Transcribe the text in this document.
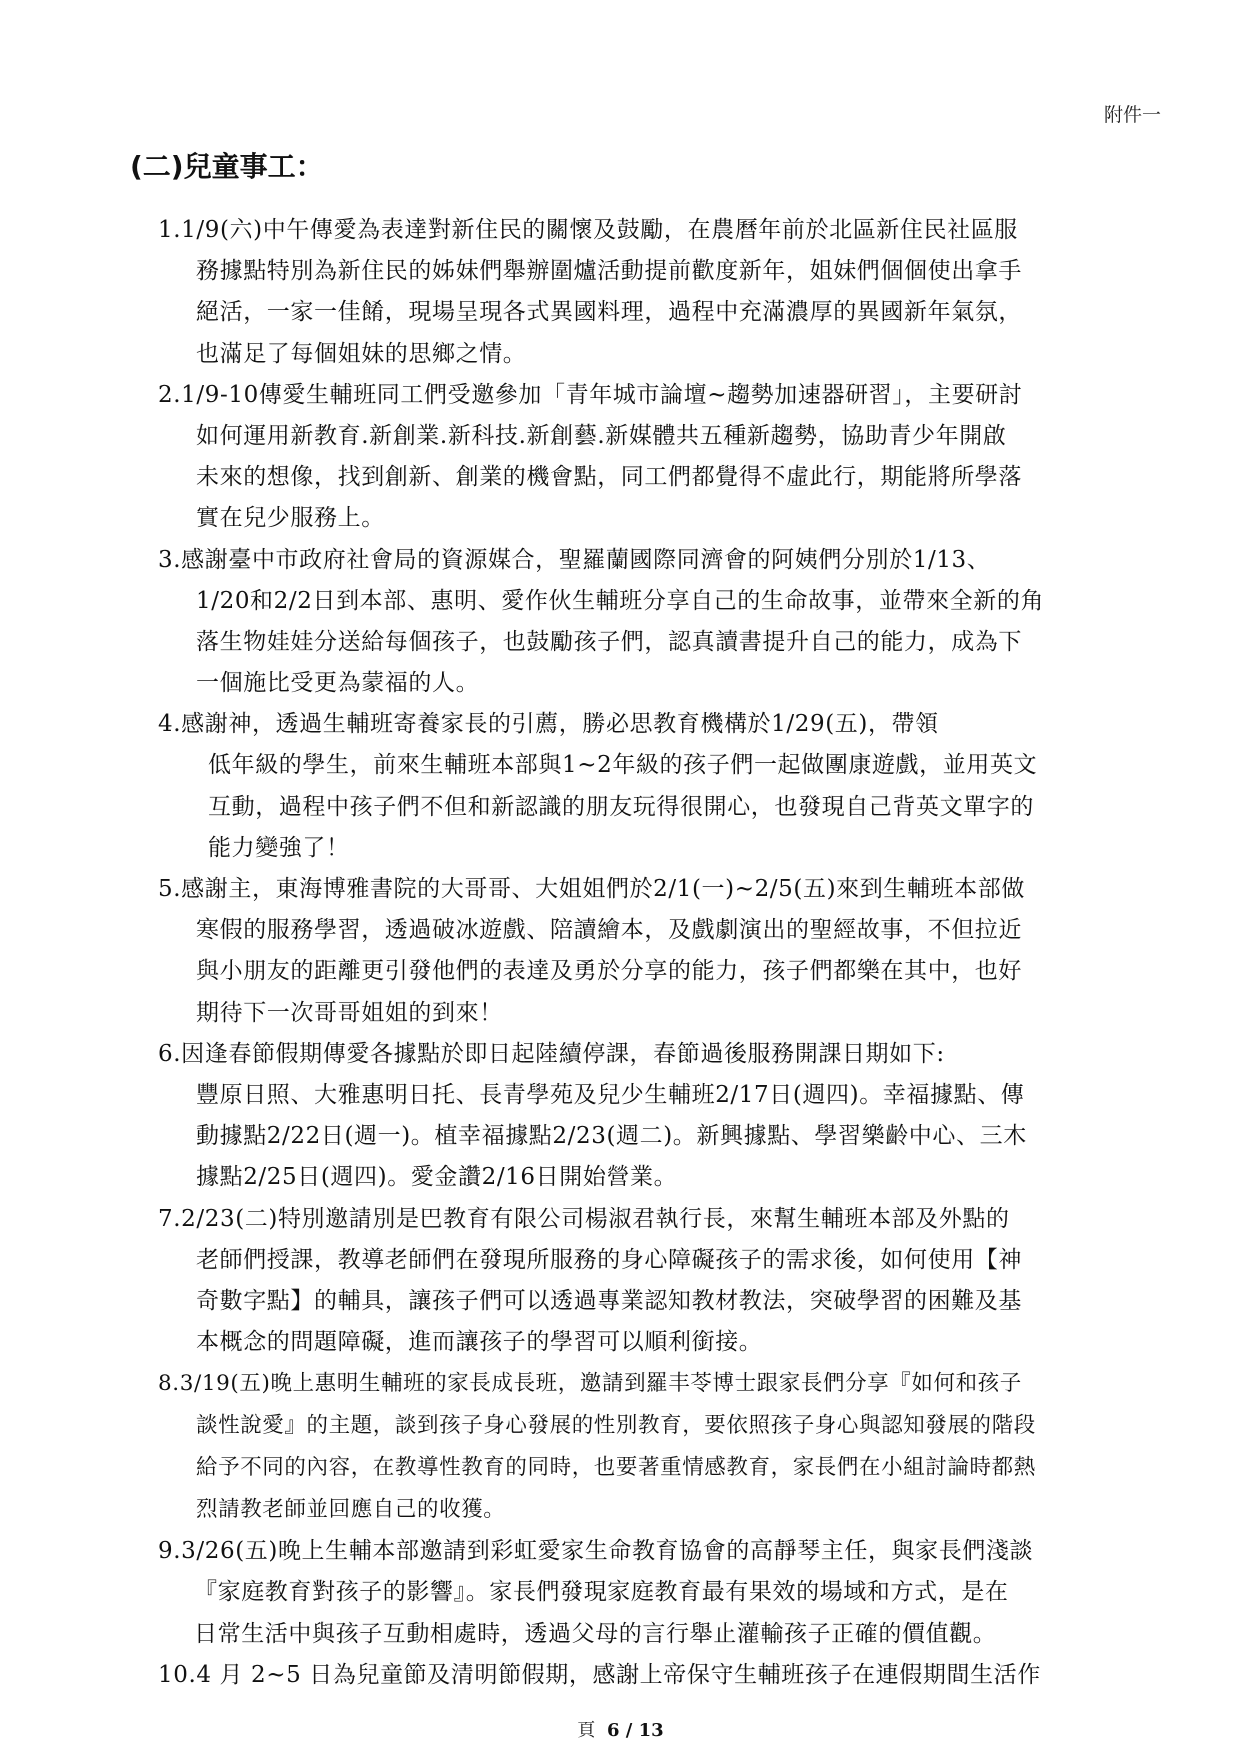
附件一
(二)兒童事工：
1.1/9(六)中午傳愛為表達對新住民的關懷及鼓勵，在農曆年前於北區新住民社區服
務據點特別為新住民的姊妹們舉辦圍爐活動提前歡度新年，姐妹們個個使出拿手
絕活，一家一佳餚，現場呈現各式異國料理，過程中充滿濃厚的異國新年氣氛，
也滿足了每個姐妹的思鄉之情。
2.1/9-10傳愛生輔班同工們受邀參加「青年城市論壇~趨勢加速器研習」，主要研討
如何運用新教育.新創業.新科技.新創藝.新媒體共五種新趨勢，協助青少年開啟
未來的想像，找到創新、創業的機會點，同工們都覺得不虛此行，期能將所學落
實在兒少服務上。
3.感謝臺中市政府社會局的資源媒合，聖羅蘭國際同濟會的阿姨們分別於1/13、
1/20和2/2日到本部、惠明、愛作伙生輔班分享自己的生命故事，並帶來全新的角
落生物娃娃分送給每個孩子，也鼓勵孩子們，認真讀書提升自己的能力，成為下
一個施比受更為蒙福的人。
4.感謝神，透過生輔班寄養家長的引薦，勝必思教育機構於1/29(五)，帶領
低年級的學生，前來生輔班本部與1~2年級的孩子們一起做團康遊戲，並用英文
互動，過程中孩子們不但和新認識的朋友玩得很開心，也發現自己背英文單字的
能力變強了！
5.感謝主，東海博雅書院的大哥哥、大姐姐們於2/1(一)~2/5(五)來到生輔班本部做
寒假的服務學習，透過破冰遊戲、陪讀繪本，及戲劇演出的聖經故事，不但拉近
與小朋友的距離更引發他們的表達及勇於分享的能力，孩子們都樂在其中，也好
期待下一次哥哥姐姐的到來！
6.因逢春節假期傳愛各據點於即日起陸續停課，春節過後服務開課日期如下:
豐原日照、大雅惠明日托、長青學苑及兒少生輔班2/17日(週四)。幸福據點、傳
動據點2/22日(週一)。植幸福據點2/23(週二)。新興據點、學習樂齡中心、三木
據點2/25日(週四)。愛金讚2/16日開始營業。
7.2/23(二)特別邀請別是巴教育有限公司楊淑君執行長，來幫生輔班本部及外點的
老師們授課，教導老師們在發現所服務的身心障礙孩子的需求後，如何使用【神
奇數字點】的輔具，讓孩子們可以透過專業認知教材教法，突破學習的困難及基
本概念的問題障礙，進而讓孩子的學習可以順利銜接。
8.3/19(五)晚上惠明生輔班的家長成長班，邀請到羅丰苓博士跟家長們分享『如何和孩子
談性說愛』的主題，談到孩子身心發展的性別教育，要依照孩子身心與認知發展的階段
給予不同的內容，在教導性教育的同時，也要著重情感教育，家長們在小組討論時都熱
烈請教老師並回應自己的收獲。
9.3/26(五)晚上生輔本部邀請到彩虹愛家生命教育協會的高靜琴主任，與家長們淺談
『家庭教育對孩子的影響』。家長們發現家庭教育最有果效的場域和方式，是在
日常生活中與孩子互動相處時，透過父母的言行舉止灌輸孩子正確的價值觀。
10.4 月 2~5 日為兒童節及清明節假期，感謝上帝保守生輔班孩子在連假期間生活作
頁 6 / 13
